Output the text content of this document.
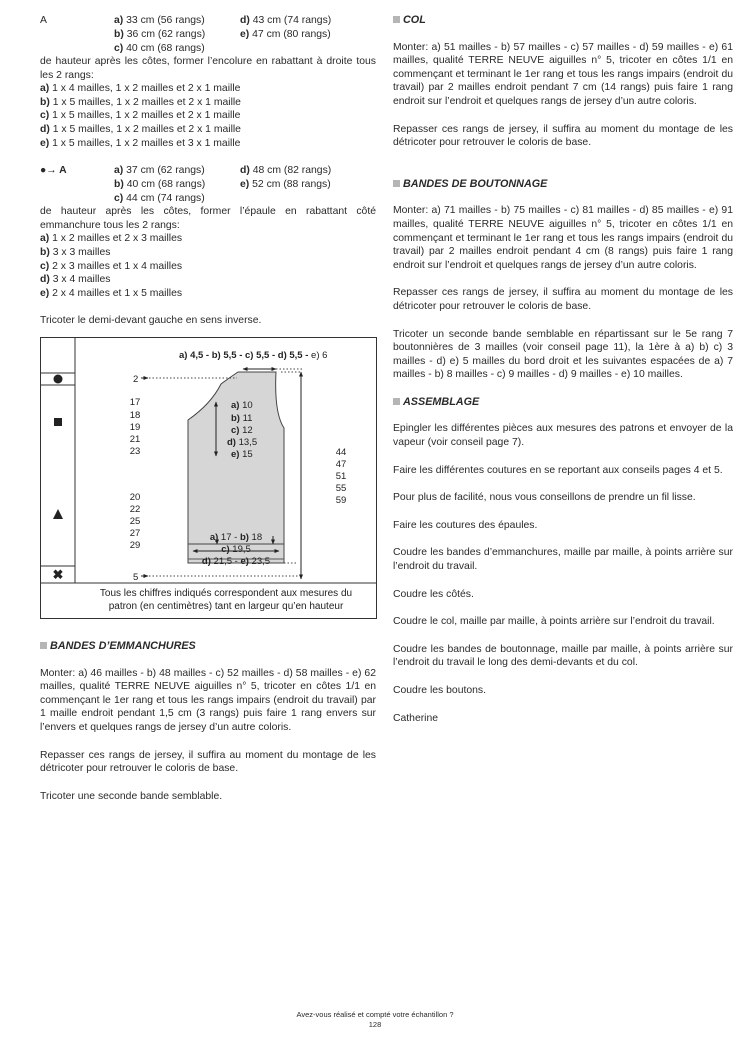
A	a) 33 cm (56 rangs)	d) 43 cm (74 rangs)
b) 36 cm (62 rangs)	e) 47 cm (80 rangs)
c) 40 cm (68 rangs)

de hauteur après les côtes, former l’encolure en rabattant à droite tous les 2 rangs:

a) 1 x 4 mailles, 1 x 2 mailles et 2 x 1 maille
b) 1 x 5 mailles, 1 x 2 mailles et 2 x 1 maille
c) 1 x 5 mailles, 1 x 2 mailles et 2 x 1 maille
d) 1 x 5 mailles, 1 x 2 mailles et 2 x 1 maille
e) 1 x 5 mailles, 1 x 2 mailles et 3 x 1 maille
●→ A	a) 37 cm (62 rangs)	d) 48 cm (82 rangs)
b) 40 cm (68 rangs)	e) 52 cm (88 rangs)
c) 44 cm (74 rangs)

de hauteur après les côtes, former l’épaule en rabattant côté emmanchure tous les 2 rangs:

a) 1 x 2 mailles et 2 x 3 mailles
b) 3 x 3 mailles
c) 2 x 3 mailles et 1 x 4 mailles
d) 3 x 4 mailles
e) 2 x 4 mailles et 1 x 5 mailles

Tricoter le demi-devant gauche en sens inverse.

✖
a) 4,5 - b) 5,5 - c) 5,5 - d) 5,5 - e) 6
2
5
17
18
19
21
23
20
22
25
27
29
a) 10
b) 11
c) 12
d) 13,5
e) 15	44
47
51
55
59
a) 17 - b) 18
c) 19,5
d) 21,5 - e) 23,5
Tous les chiffres indiqués correspondent aux mesures du
patron (en centimètres) tant en largeur qu’en hauteur

BANDES D’EMMANCHURES

Monter: a) 46 mailles - b) 48 mailles - c) 52 mailles - d) 58 mailles - e) 62 mailles, qualité TERRE NEUVE aiguilles n° 5, tricoter en côtes 1/1 en commençant le 1er rang et tous les rangs impairs (endroit du travail) par 1 maille endroit pendant 1,5 cm (3 rangs) puis faire 1 rang envers sur l’envers et quelques rangs de jersey d’un autre coloris.

Repasser ces rangs de jersey, il suffira au moment du montage de les détricoter pour retrouver le coloris de base.

Tricoter une seconde bande semblable.

COL

Monter: a) 51 mailles - b) 57 mailles - c) 57 mailles - d) 59 mailles - e) 61 mailles, qualité TERRE NEUVE aiguilles n° 5, tricoter en côtes 1/1 en commençant et terminant le 1er rang et tous les rangs impairs (endroit du travail) par 2 mailles endroit pendant 7 cm (14 rangs) puis faire 1 rang endroit sur l’endroit et quelques rangs de jersey d’un autre coloris.

Repasser ces rangs de jersey, il suffira au moment du montage de les détricoter pour retrouver le coloris de base.

BANDES DE BOUTONNAGE

Monter: a) 71 mailles - b) 75 mailles - c) 81 mailles - d) 85 mailles - e) 91 mailles, qualité TERRE NEUVE aiguilles n° 5, tricoter en côtes 1/1 en commençant et terminant le 1er rang et tous les rangs impairs (endroit du travail) par 2 mailles endroit pendant 4 cm (8 rangs) puis faire 1 rang endroit sur l’endroit et quelques rangs de jersey d’un autre coloris.

Repasser ces rangs de jersey, il suffira au moment du montage de les détricoter pour retrouver le coloris de base.

Tricoter un seconde bande semblable en répartissant sur le 5e rang 7 boutonnières de 3 mailles (voir conseil page 11), la 1ère à a) b) c) 3 mailles - d) e) 5 mailles du bord droit et les suivantes espacées de a) 7 mailles - b) 8 mailles - c) 9 mailles - d) 9 mailles - e) 10 mailles.

ASSEMBLAGE

Epingler les différentes pièces aux mesures des patrons et envoyer de la vapeur (voir conseil page 7).

Faire les différentes coutures en se reportant aux conseils pages 4 et 5.

Pour plus de facilité, nous vous conseillons de prendre un fil lisse.

Faire les coutures des épaules.

Coudre les bandes d’emmanchures, maille par maille, à points arrière sur l’endroit du travail.

Coudre les côtés.

Coudre le col, maille par maille, à points arrière sur l’endroit du travail.

Coudre les bandes de boutonnage, maille par maille, à points arrière sur l’endroit du travail le long des demi-devants et du col.

Coudre les boutons.

Catherine

Avez-vous réalisé et compté votre échantillon ?
128
